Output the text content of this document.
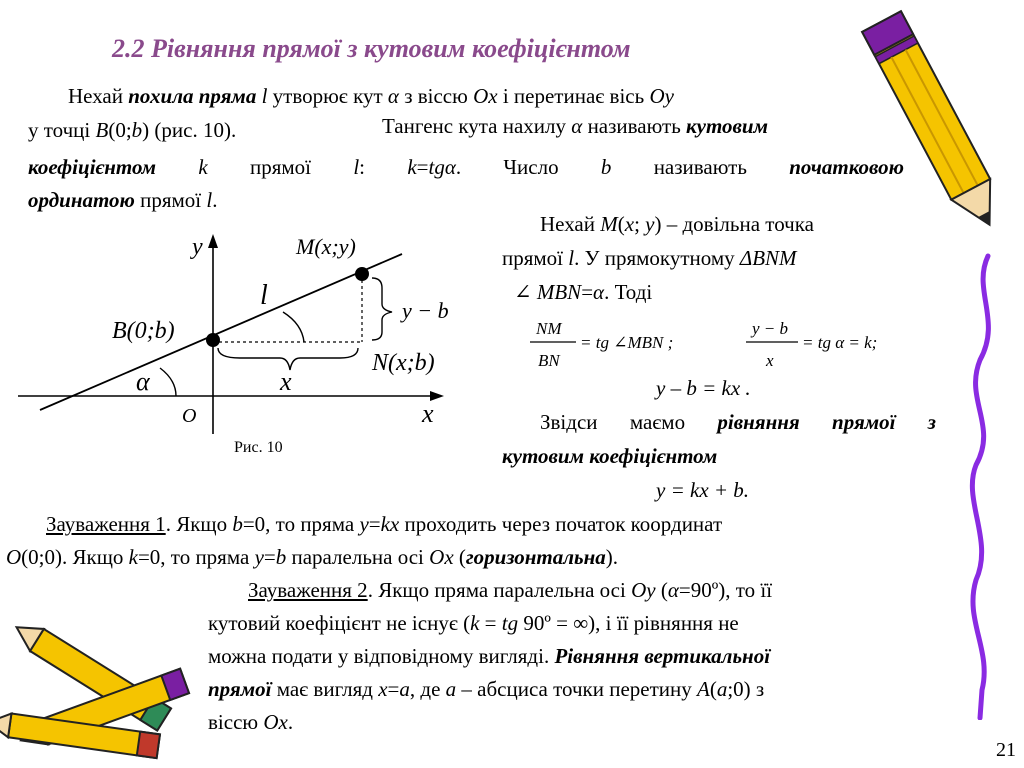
2.2 Рівняння прямої з кутовим коефіцієнтом
Нехай похила пряма l утворює кут α з віссю Ox і перетинає вісь Oy
у точці B(0;b) (рис. 10).	Тангенс кута нахилу α називають кутовим
коефіцієнтом k прямої l: k=tgα. Число b називають початковою
ординатою прямої l.
y
x
O
l
α
B(0;b)
M(x;y)
N(x;b)
y − b
x
Рис. 10
Нехай M(x; y) – довільна точка
прямої l. У прямокутному ΔBNM
∠ MBN=α. Тоді
NM
BN
= tg ∠MBN ;
y − b
x
= tg α = k;
y – b = kx .
Звідси маємо рівняння прямої з
кутовим коефіцієнтом
y = kx + b.
Зауваження 1. Якщо b=0, то пряма y=kx проходить через початок координат
O(0;0). Якщо k=0, то пряма y=b паралельна осі Ox (горизонтальна).
Зауваження 2. Якщо пряма паралельна осі Oy (α=90º), то її
кутовий коефіцієнт не існує (k = tg 90º = ∞), і її рівняння не
можна подати у відповідному вигляді. Рівняння вертикальної
прямої має вигляд x=a, де a – абсциса точки перетину A(a;0) з
віссю Ox.
21
